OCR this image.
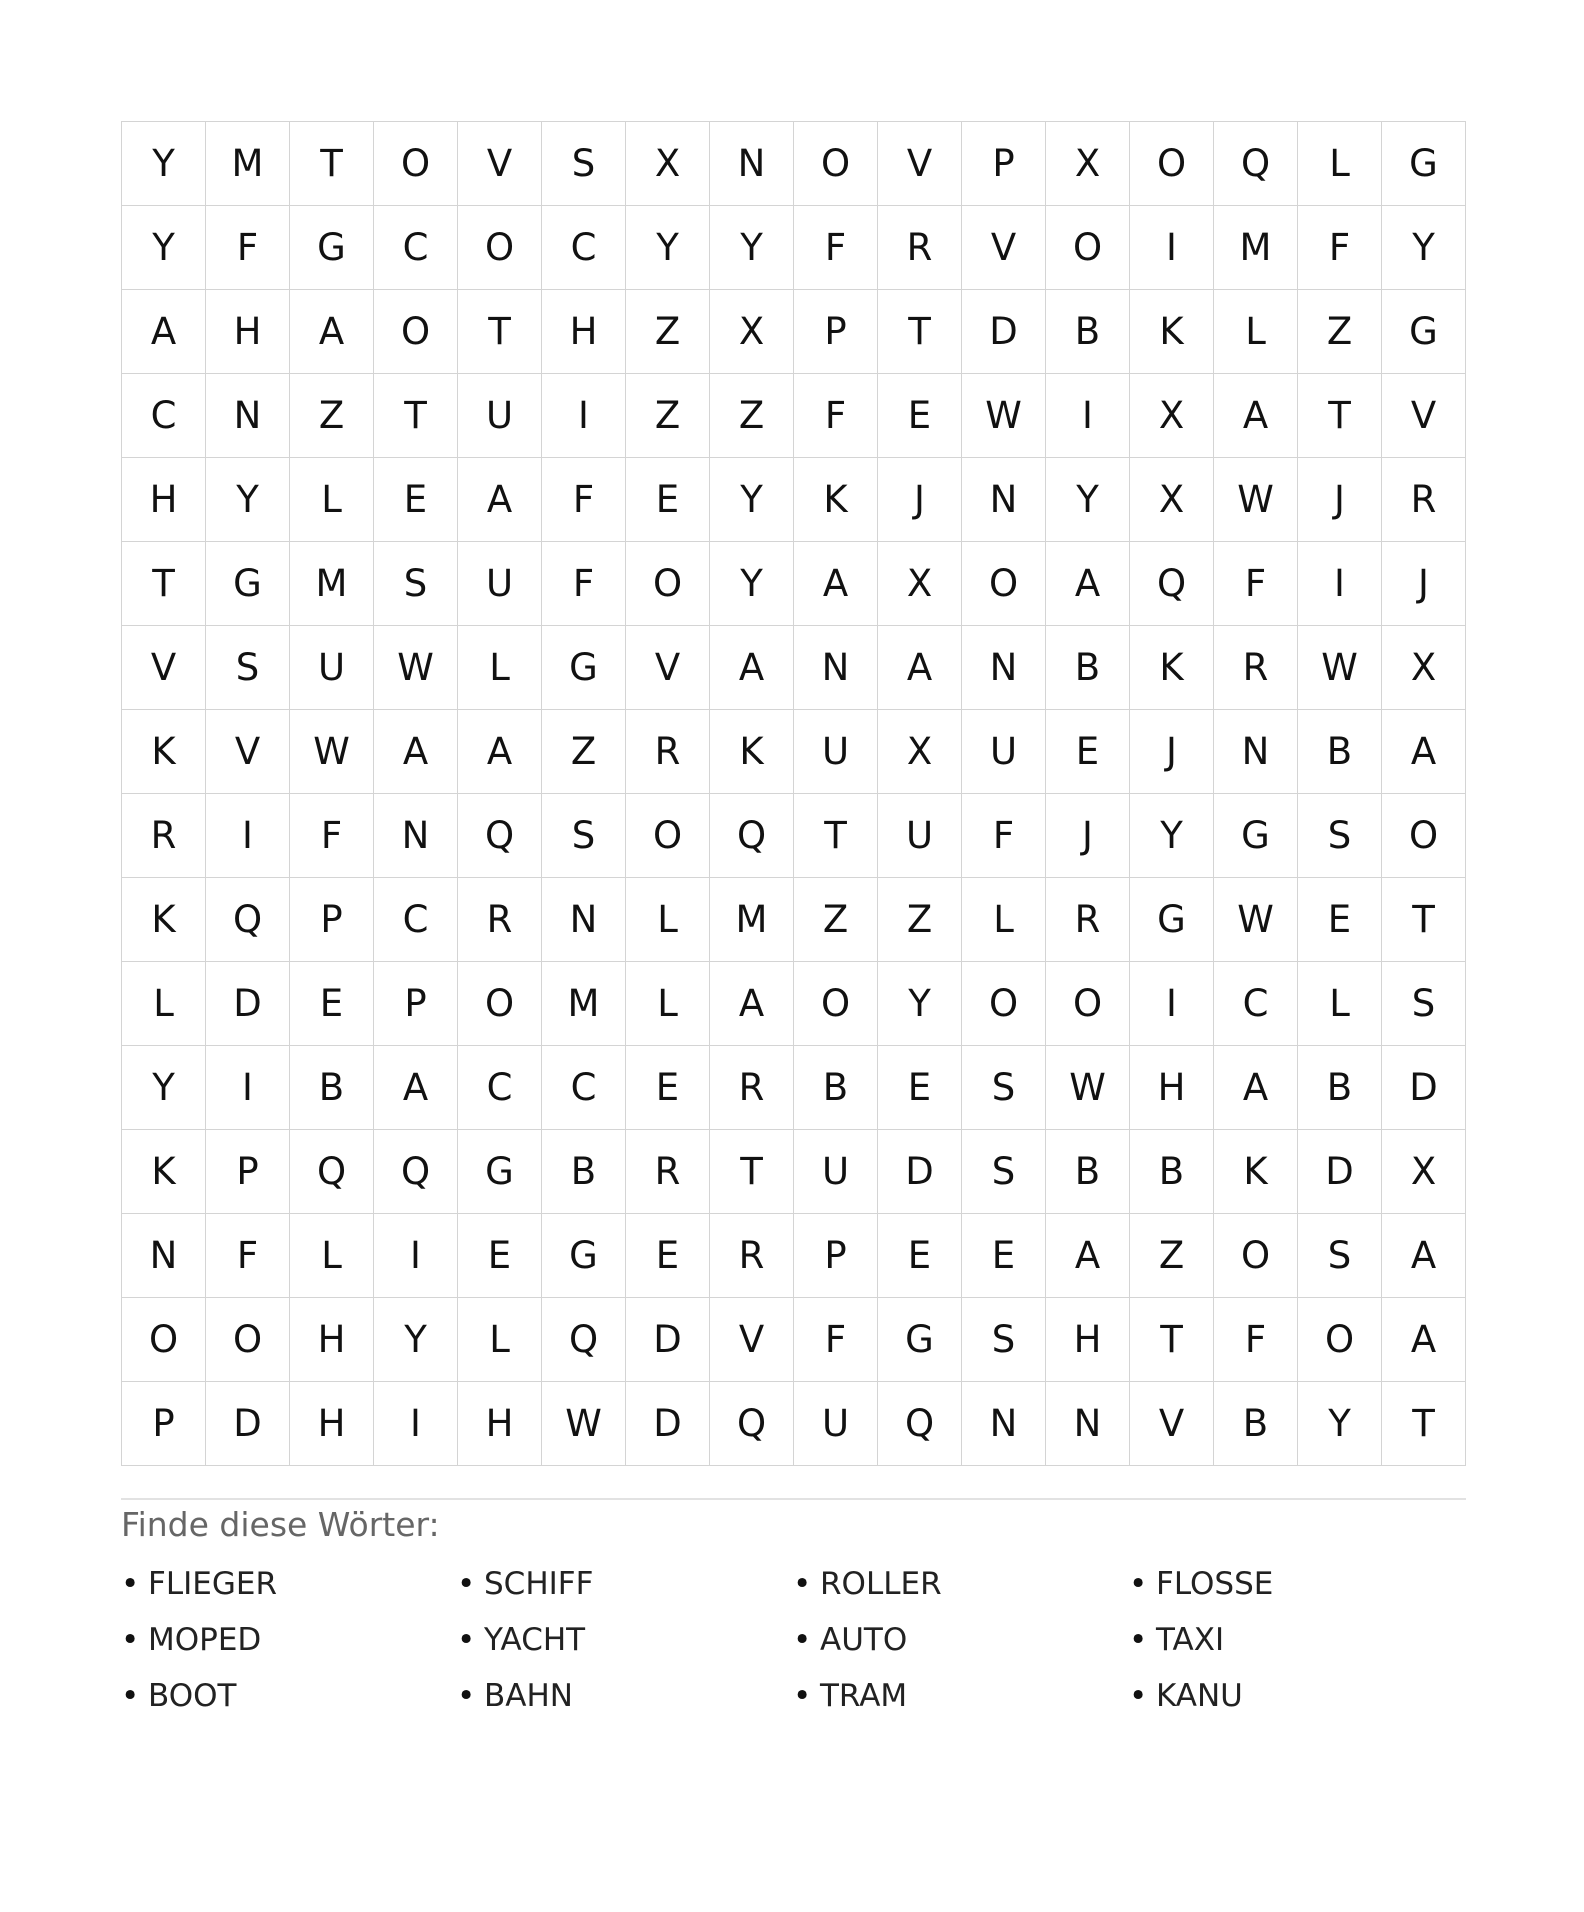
Y	M	T	O	V	S	X	N	O	V	P	X	O	Q	L	G
Y	F	G	C	O	C	Y	Y	F	R	V	O	I	M	F	Y
A	H	A	O	T	H	Z	X	P	T	D	B	K	L	Z	G
C	N	Z	T	U	I	Z	Z	F	E	W	I	X	A	T	V
H	Y	L	E	A	F	E	Y	K	J	N	Y	X	W	J	R
T	G	M	S	U	F	O	Y	A	X	O	A	Q	F	I	J
V	S	U	W	L	G	V	A	N	A	N	B	K	R	W	X
K	V	W	A	A	Z	R	K	U	X	U	E	J	N	B	A
R	I	F	N	Q	S	O	Q	T	U	F	J	Y	G	S	O
K	Q	P	C	R	N	L	M	Z	Z	L	R	G	W	E	T
L	D	E	P	O	M	L	A	O	Y	O	O	I	C	L	S
Y	I	B	A	C	C	E	R	B	E	S	W	H	A	B	D
K	P	Q	Q	G	B	R	T	U	D	S	B	B	K	D	X
N	F	L	I	E	G	E	R	P	E	E	A	Z	O	S	A
O	O	H	Y	L	Q	D	V	F	G	S	H	T	F	O	A
P	D	H	I	H	W	D	Q	U	Q	N	N	V	B	Y	T
Finde diese Wörter:
• FLIEGER	• SCHIFF	• ROLLER	• FLOSSE
• MOPED	• YACHT	• AUTO	• TAXI
• BOOT	• BAHN	• TRAM	• KANU
